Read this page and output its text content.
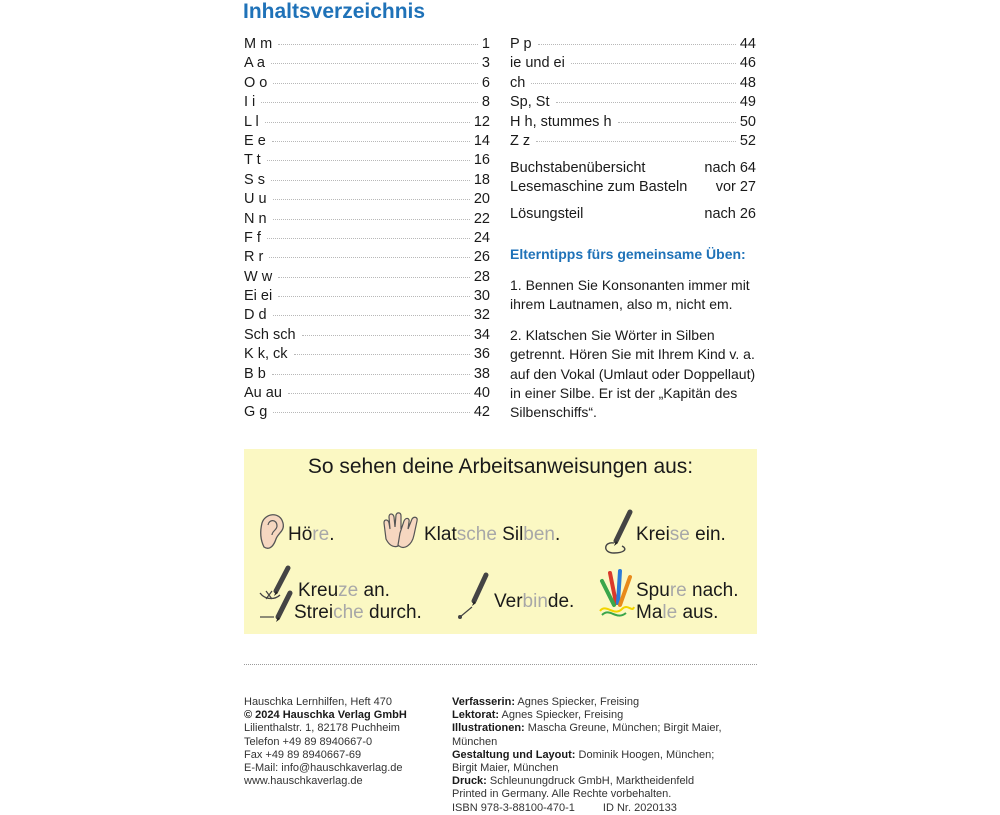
Inhaltsverzeichnis
M m	1
A a	3
O o	6
I i	8
L l	12
E e	14
T t	16
S s	18
U u	20
N n	22
F f	24
R r	26
W w	28
Ei ei	30
D d	32
Sch sch	34
K k, ck	36
B b	38
Au au	40
G g	42
P p	44
ie und ei	46
ch	48
Sp, St	49
H h, stummes h	50
Z z	52
Buchstabenübersicht	nach 64
Lesemaschine zum Basteln vor 27
Lösungsteil	nach 26
Elterntipps fürs gemeinsame Üben:
1. Bennen Sie Konsonanten immer mit ihrem Lautnamen, also m, nicht em.
2. Klatschen Sie Wörter in Silben getrennt. Hören Sie mit Ihrem Kind v. a. auf den Vokal (Umlaut oder Doppellaut) in einer Silbe. Er ist der „Kapitän des Silbenschiffs“.
So sehen deine Arbeitsanweisungen aus:
Höre.	Klatsche Silben.	Kreise ein.
Kreuze an.
Streiche durch.
Verbinde.
Spure nach.
Male aus.
Hauschka Lernhilfen, Heft 470
© 2024 Hauschka Verlag GmbH
Lilienthalstr. 1, 82178 Puchheim
Telefon +49 89 8940667-0
Fax +49 89 8940667-69
E-Mail: info@hauschkaverlag.de
www.hauschkaverlag.de
Verfasserin: Agnes Spiecker, Freising
Lektorat: Agnes Spiecker, Freising
Illustrationen: Mascha Greune, München; Birgit Maier, München
Gestaltung und Layout: Dominik Hoogen, München;
Birgit Maier, München
Druck: Schleunungdruck GmbH, Marktheidenfeld
Printed in Germany. Alle Rechte vorbehalten.
ISBN 978-3-88100-470-1	ID Nr. 2020133
